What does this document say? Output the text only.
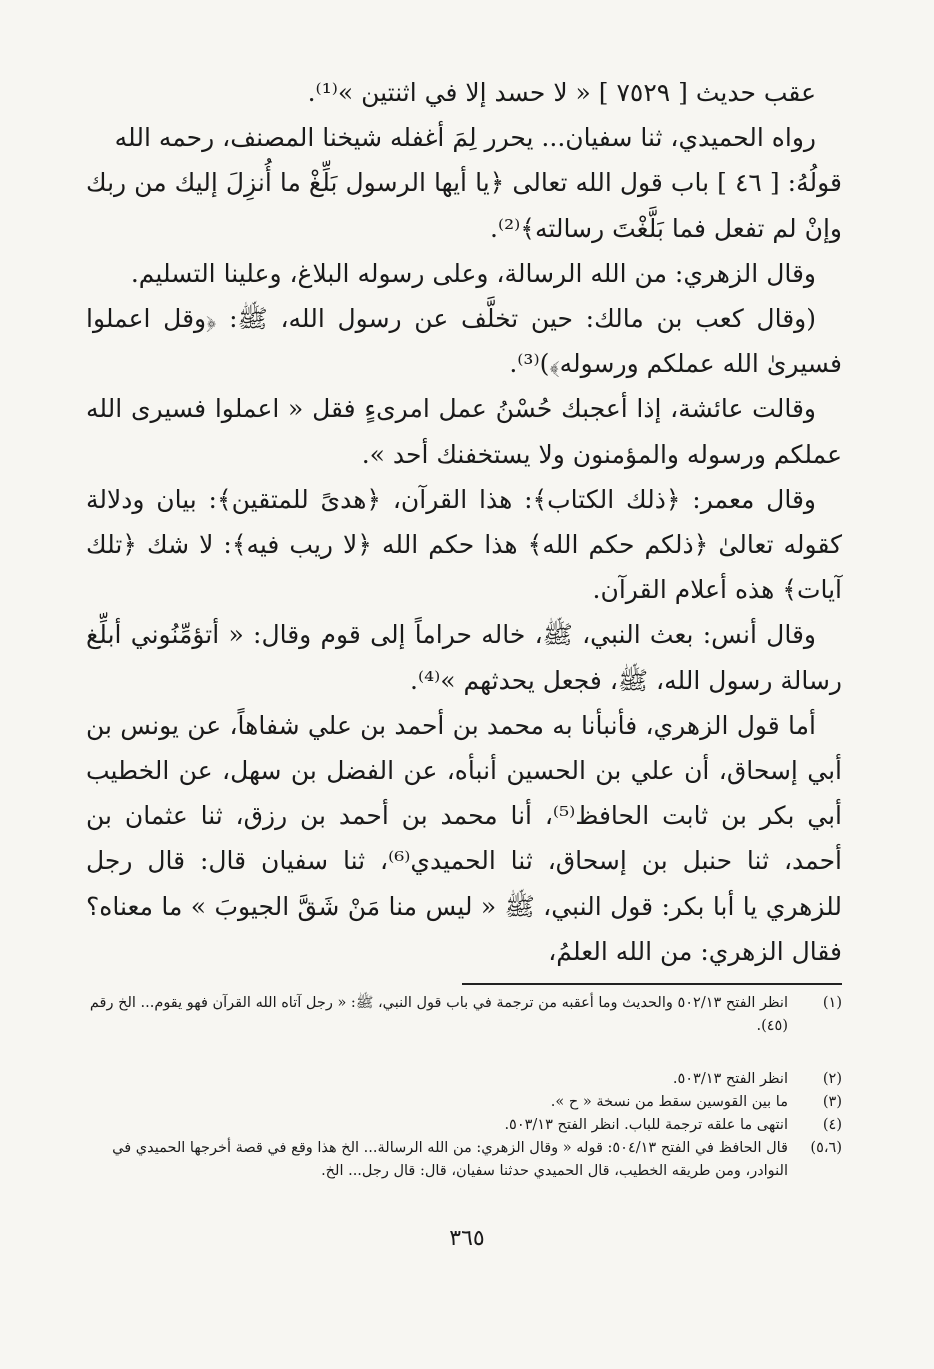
عقب حديث [ ٧٥٢٩ ] « لا حسد إلا في اثنتين »⁽¹⁾.

رواه الحميدي، ثنا سفيان... يحرر لِمَ أغفله شيخنا المصنف، رحمه الله

قولُهُ: [ ٤٦ ] باب قول الله تعالى ﴿يا أيها الرسول بَلِّغْ ما أُنزِلَ إليك من ربك وإنْ لم تفعل فما بَلَّغْتَ رسالته﴾⁽²⁾.

وقال الزهري: من الله الرسالة، وعلى رسوله البلاغ، وعلينا التسليم.

(وقال كعب بن مالك: حين تخلَّف عن رسول الله، ﷺ: ﴿وقل اعملوا فسيرىٰ الله عملكم ورسوله﴾)⁽³⁾.

وقالت عائشة، إذا أعجبك حُسْنُ عمل امرىءٍ فقل « اعملوا فسيرى الله عملكم ورسوله والمؤمنون ولا يستخفنك أحد ».

وقال معمر: ﴿ذلك الكتاب﴾: هذا القرآن، ﴿هدىً للمتقين﴾: بيان ودلالة كقوله تعالىٰ ﴿ذلكم حكم الله﴾ هذا حكم الله ﴿لا ريب فيه﴾: لا شك ﴿تلك آيات﴾ هذه أعلام القرآن.

وقال أنس: بعث النبي، ﷺ، خاله حراماً إلى قوم وقال: « أتؤمِّنُوني أبلِّغ رسالة رسول الله، ﷺ، فجعل يحدثهم »⁽⁴⁾.

أما قول الزهري، فأنبأنا به محمد بن أحمد بن علي شفاهاً، عن يونس بن أبي إسحاق، أن علي بن الحسين أنبأه، عن الفضل بن سهل، عن الخطيب أبي بكر بن ثابت الحافظ⁽⁵⁾، أنا محمد بن أحمد بن رزق، ثنا عثمان بن أحمد، ثنا حنبل بن إسحاق، ثنا الحميدي⁽⁶⁾، ثنا سفيان قال: قال رجل للزهري يا أبا بكر: قول النبي، ﷺ « ليس منا مَنْ شَقَّ الجيوبَ » ما معناه؟ فقال الزهري: من الله العلمُ،

(١)
انظر الفتح ٥٠٢/١٣ والحديث وما أعقبه من ترجمة في باب قول النبي، ﷺ: « رجل آتاه الله القرآن فهو يقوم... الخ رقم (٤٥).
(٢)
انظر الفتح ٥٠٣/١٣.
(٣)
ما بين القوسين سقط من نسخة « ح ».
(٤)
انتهى ما علقه ترجمة للباب. انظر الفتح ٥٠٣/١٣.
(٥،٦)
قال الحافظ في الفتح ٥٠٤/١٣: قوله « وقال الزهري: من الله الرسالة... الخ هذا وقع في قصة أخرجها الحميدي في النوادر، ومن طريقه الخطيب، قال الحميدي حدثنا سفيان، قال: قال رجل... الخ.
٣٦٥
